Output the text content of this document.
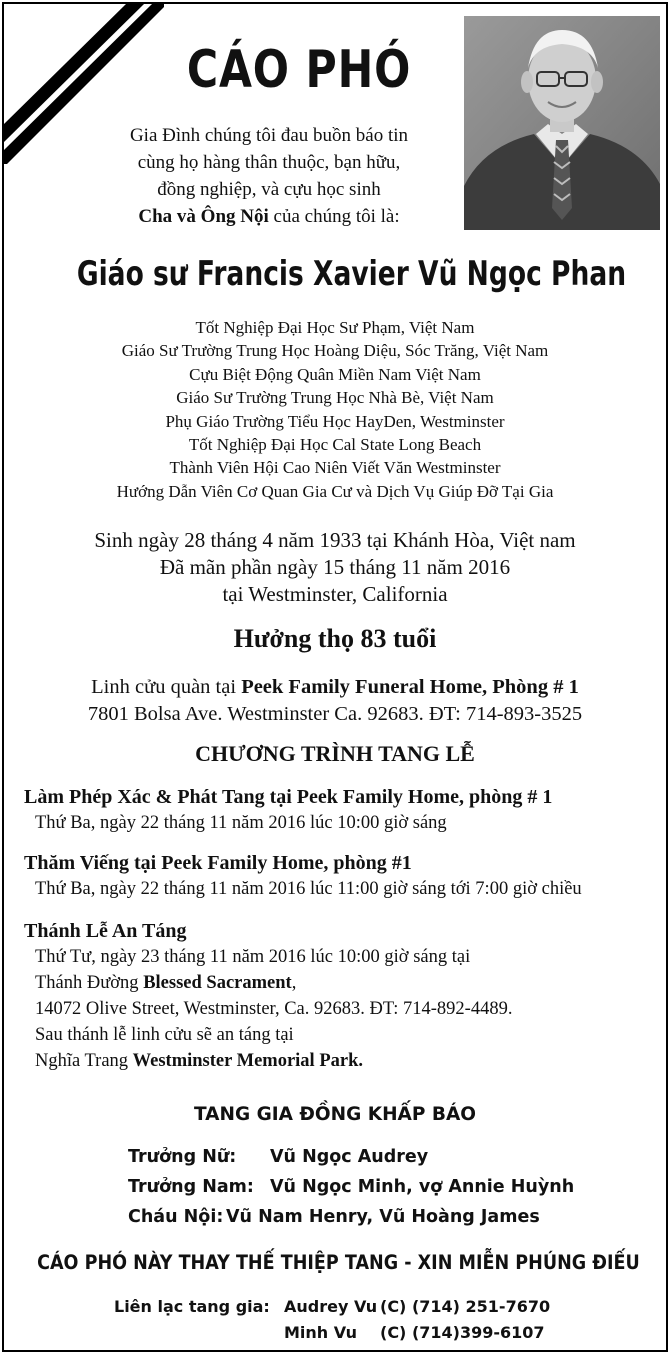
CÁO PHÓ
Gia Đình chúng tôi đau buồn báo tin
cùng họ hàng thân thuộc, bạn hữu,
đồng nghiệp, và cựu học sinh
Cha và Ông Nội của chúng tôi là:
Giáo sư Francis Xavier Vũ Ngọc Phan
Tốt Nghiệp Đại Học Sư Phạm, Việt Nam
Giáo Sư Trường Trung Học Hoàng Diệu, Sóc Trăng, Việt Nam
Cựu Biệt Động Quân Miền Nam Việt Nam
Giáo Sư Trường Trung Học Nhà Bè, Việt Nam
Phụ Giáo Trường Tiểu Học HayDen, Westminster
Tốt Nghiệp Đại Học Cal State Long Beach
Thành Viên Hội Cao Niên Viết Văn Westminster
Hướng Dẫn Viên Cơ Quan Gia Cư và Dịch Vụ Giúp Đỡ Tại Gia
Sinh ngày 28 tháng 4 năm 1933 tại Khánh Hòa, Việt nam
Đã mãn phần ngày 15 tháng 11 năm 2016
tại Westminster, California
Hưởng thọ 83 tuổi
Linh cửu quàn tại Peek Family Funeral Home, Phòng # 1
7801 Bolsa Ave. Westminster Ca. 92683. ĐT: 714-893-3525
CHƯƠNG TRÌNH TANG LỄ
Làm Phép Xác & Phát Tang tại Peek Family Home, phòng # 1
Thứ Ba, ngày 22 tháng 11 năm 2016 lúc 10:00 giờ sáng
Thăm Viếng tại Peek Family Home, phòng #1
Thứ Ba, ngày 22 tháng 11 năm 2016 lúc 11:00 giờ sáng tới 7:00 giờ chiều
Thánh Lễ An Táng
Thứ Tư, ngày 23 tháng 11 năm 2016 lúc 10:00 giờ sáng tại
Thánh Đường Blessed Sacrament,
14072 Olive Street, Westminster, Ca. 92683. ĐT: 714-892-4489.
Sau thánh lễ linh cửu sẽ an táng tại
Nghĩa Trang Westminster Memorial Park.
TANG GIA ĐỒNG KHẤP BÁO
Trưởng Nữ: Vũ Ngọc Audrey
Trưởng Nam: Vũ Ngọc Minh, vợ Annie Huỳnh
Cháu Nội: Vũ Nam Henry, Vũ Hoàng James
CÁO PHÓ NÀY THAY THẾ THIỆP TANG - XIN MIỄN PHÚNG ĐIẾU
Liên lạc tang gia: Audrey Vu (C) (714) 251-7670
Minh Vu (C) (714)399-6107
